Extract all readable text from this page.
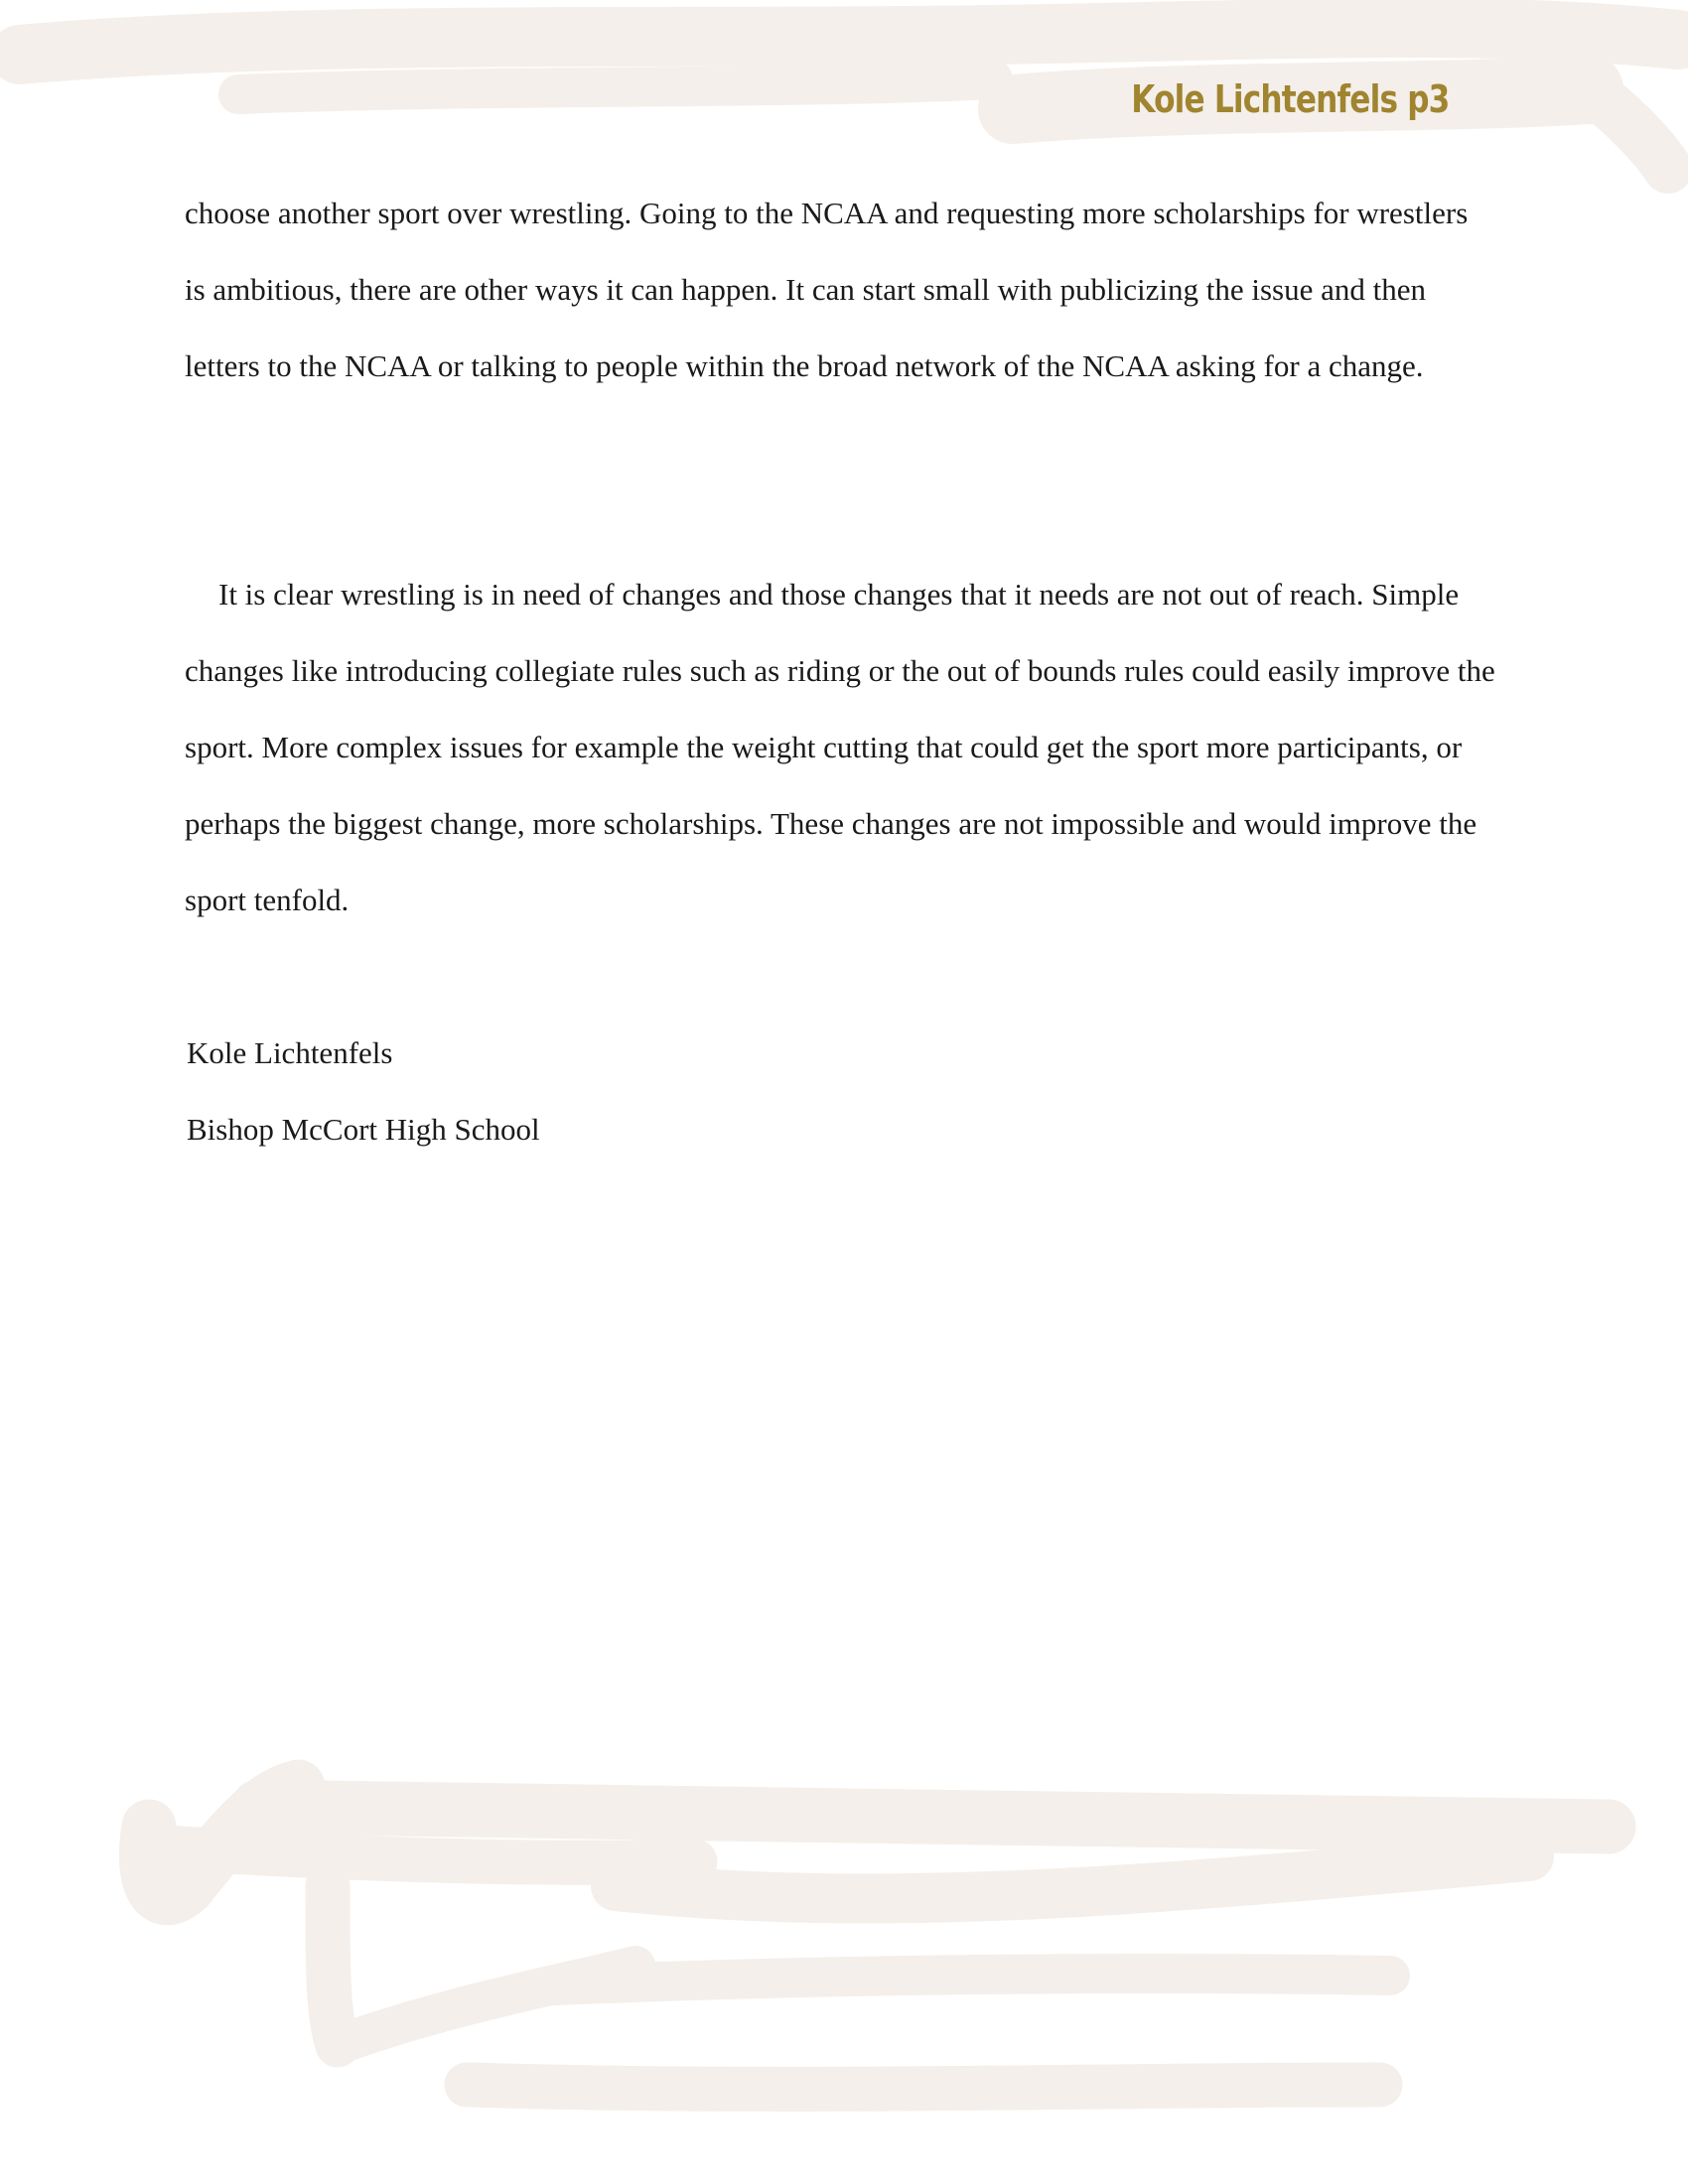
Kole Lichtenfels p3

choose another sport over wrestling. Going to the NCAA and requesting more scholarships for wrestlers is ambitious, there are other ways it can happen. It can start small with publicizing the issue and then letters to the NCAA or talking to people within the broad network of the NCAA asking for a change.

It is clear wrestling is in need of changes and those changes that it needs are not out of reach. Simple changes like introducing collegiate rules such as riding or the out of bounds rules could easily improve the sport. More complex issues for example the weight cutting that could get the sport more participants, or perhaps the biggest change, more scholarships. These changes are not impossible and would improve the sport tenfold.

Kole Lichtenfels
Bishop McCort High School
